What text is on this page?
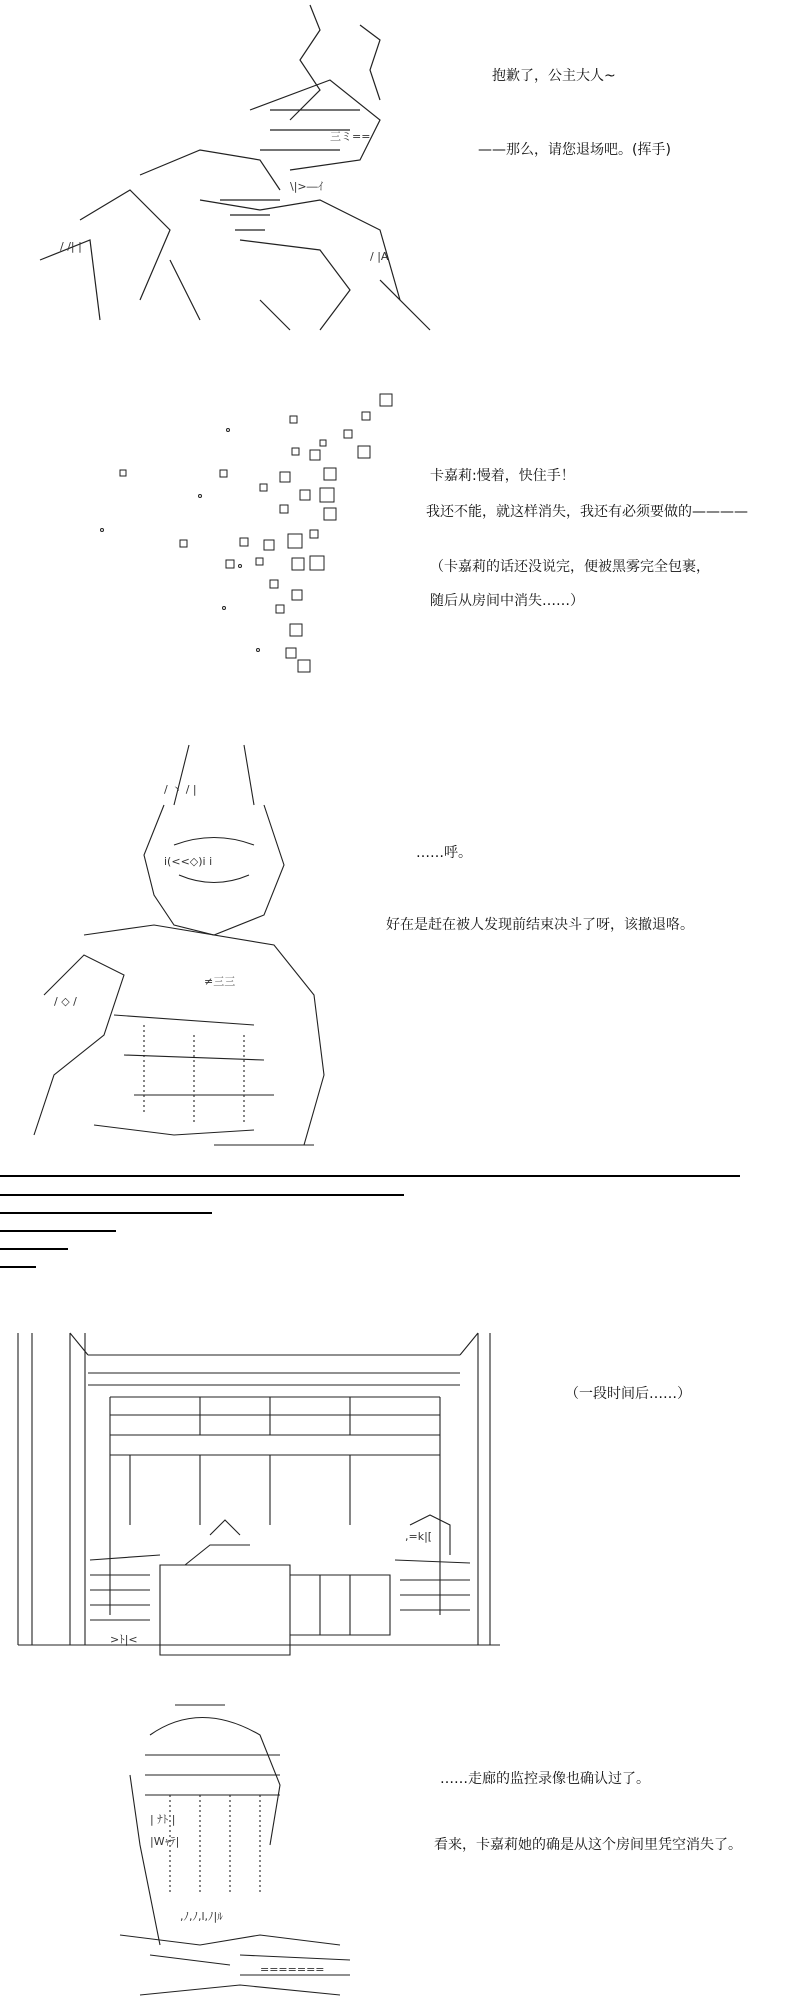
三ミ==
\|>―ｲ
/ /| |
/ |A
抱歉了，公主大人~
——那么，请您退场吧。(挥手)
卡嘉莉:慢着，快住手！
我还不能，就这样消失，我还有必须要做的————
（卡嘉莉的话还没说完，便被黑雾完全包裹，
随后从房间中消失……）
/ 丶 / |
i(<<◇)i i
/ ◇ /
≠三三
……呼。
好在是赶在被人发现前结束决斗了呀，该撤退咯。
>ﾄ|<
,=k|[
（一段时间后……）
| ﾅﾄ |
|Wｬﾃ|
,ﾉ,ﾉ,l,ﾉ|ﾙ
=======
……走廊的监控录像也确认过了。
看来，卡嘉莉她的确是从这个房间里凭空消失了。
